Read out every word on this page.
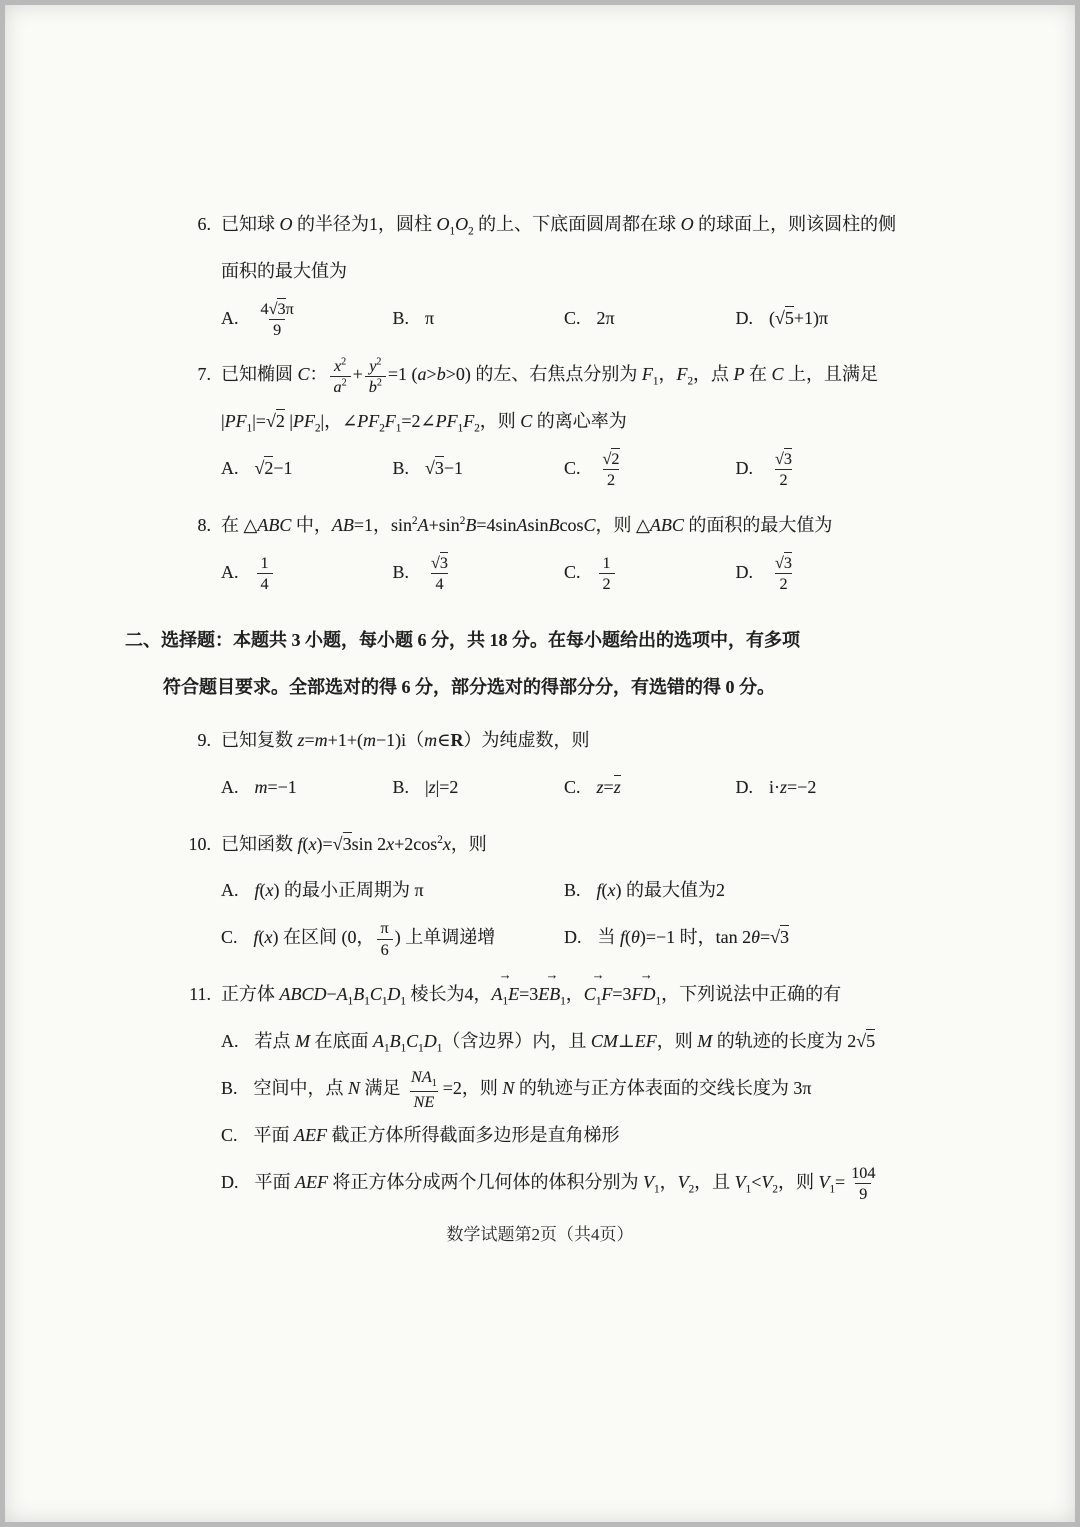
6. 已知球 O 的半径为1，圆柱 $O_1O_2$ 的上、下底面圆周都在球 O 的球面上，则该圆柱的侧面积的最大值为
A. $\frac{4√3\pi}{9}$	B. π	C. 2π	D. (√5+1)π
7. 已知椭圆 C： $\frac{x^2}{a^2} + \frac{y^2}{b^2} =1$ (a>b>0) 的左、右焦点分别为 $F_1$，$F_2$，点 P 在 C 上，且满足 $|PF_1|=√2$ $|PF_2|$，$\angle PF_2F_1=2\angle PF_1F_2$，则 C 的离心率为
A. √2−1	B. √3−1	C. $\frac{√2}{2}$	D. $\frac{√3}{2}$
8. 在 △ABC 中，AB=1，$\sin^2A+\sin^2B=4sinAsinBcosC$，则 △ABC 的面积的最大值为
A. $\frac{1}{4}$	B. $\frac{√3}{4}$	C. $\frac{1}{2}$	D. $\frac{√3}{2}$
二、选择题：本题共 3 小题，每小题 6 分，共 18 分。在每小题给出的选项中，有多项
符合题目要求。全部选对的得 6 分，部分选对的得部分分，有选错的得 0 分。
9. 已知复数 z=m+1+(m−1)i（m∈R）为纯虚数，则
A. m=−1	B. |z|=2	C. z=z	D. i·z=−2
10. 已知函数 f(x)=√3sin $2x+2\cos^2x$，则
A. f(x) 的最小正周期为 π	B. f(x) 的最大值为2
C. f(x) 在区间 (0， $\frac{\pi}{6}$ ) 上单调递增	D. 当 f(θ)=−1 时，tan 2θ=√3
11. 正方体 $ABCD-A_1B_1C_1D_1$ 棱长为4，$A_1E \to=3EB_1$ →，$C_1F \to=3FD_1$ →，下列说法中正确的有
A. 若点 M 在底面 $A_1B_1C_1D_1$（含边界）内，且 CM⊥EF，则 M 的轨迹的长度为 2√5
B. 空间中，点 N 满足 $\frac{NA_1}{NE} =2$，则 N 的轨迹与正方体表面的交线长度为 3π
C. 平面 AEF 截正方体所得截面多边形是直角梯形
D. 平面 AEF 将正方体分成两个几何体的体积分别为 $V_1$，$V_2$，且 $V_1<V_2$，则 $V_1= \frac{104}{9}$
数学试题第2页（共4页）
